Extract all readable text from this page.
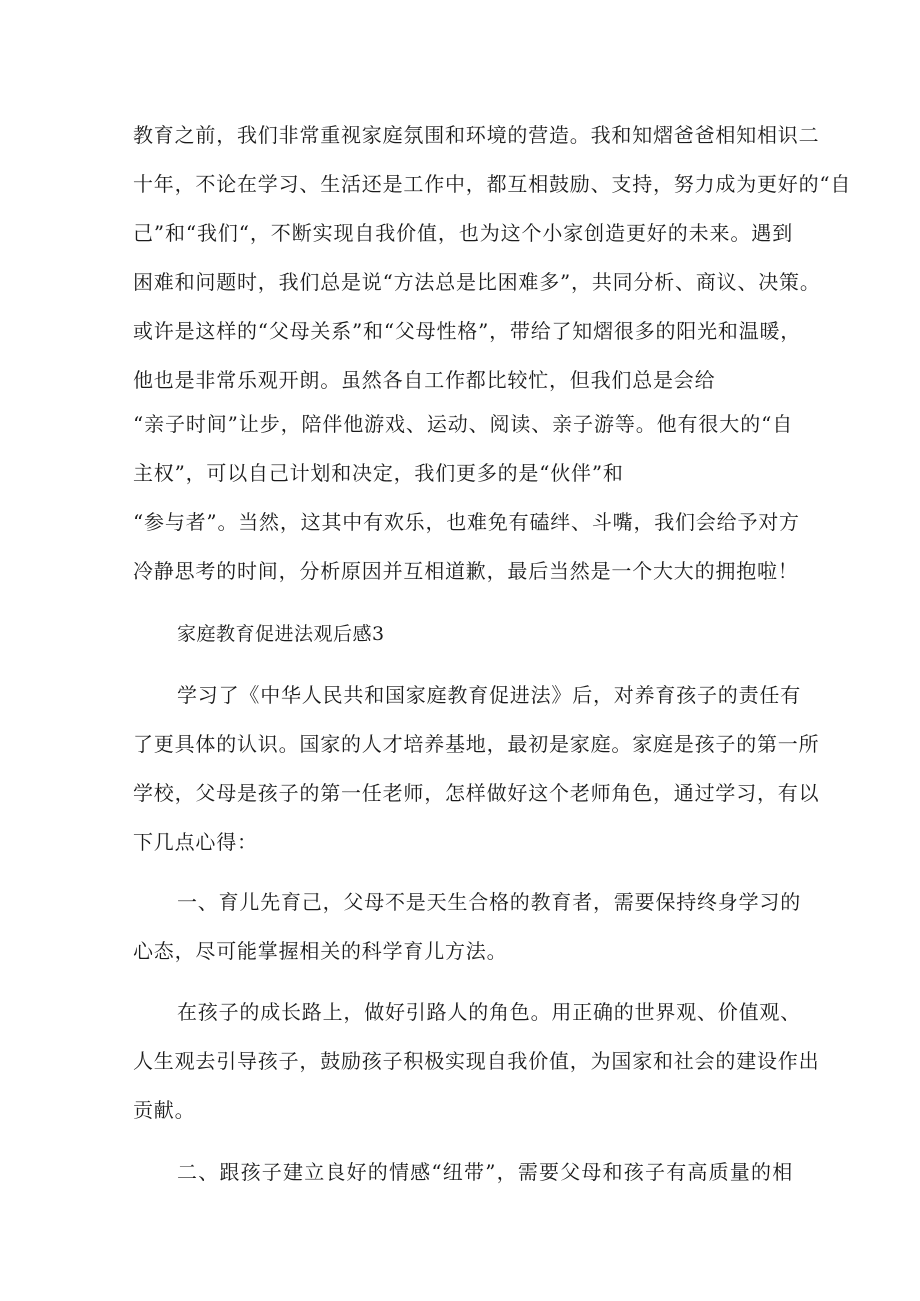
教育之前，我们非常重视家庭氛围和环境的营造。我和知熠爸爸相知相识二
十年，不论在学习、生活还是工作中，都互相鼓励、支持，努力成为更好的“自
己”和“我们“，不断实现自我价值，也为这个小家创造更好的未来。遇到
困难和问题时，我们总是说“方法总是比困难多”，共同分析、商议、决策。
或许是这样的“父母关系”和“父母性格”，带给了知熠很多的阳光和温暖，
他也是非常乐观开朗。虽然各自工作都比较忙，但我们总是会给
“亲子时间”让步，陪伴他游戏、运动、阅读、亲子游等。他有很大的“自
主权”，可以自己计划和决定，我们更多的是“伙伴”和
“参与者”。当然，这其中有欢乐，也难免有磕绊、斗嘴，我们会给予对方
冷静思考的时间，分析原因并互相道歉，最后当然是一个大大的拥抱啦！
家庭教育促进法观后感3
学习了《中华人民共和国家庭教育促进法》后，对养育孩子的责任有
了更具体的认识。国家的人才培养基地，最初是家庭。家庭是孩子的第一所
学校，父母是孩子的第一任老师，怎样做好这个老师角色，通过学习，有以
下几点心得：
一、育儿先育己，父母不是天生合格的教育者，需要保持终身学习的
心态，尽可能掌握相关的科学育儿方法。
在孩子的成长路上，做好引路人的角色。用正确的世界观、价值观、
人生观去引导孩子，鼓励孩子积极实现自我价值，为国家和社会的建设作出
贡献。
二、跟孩子建立良好的情感“纽带”，需要父母和孩子有高质量的相
